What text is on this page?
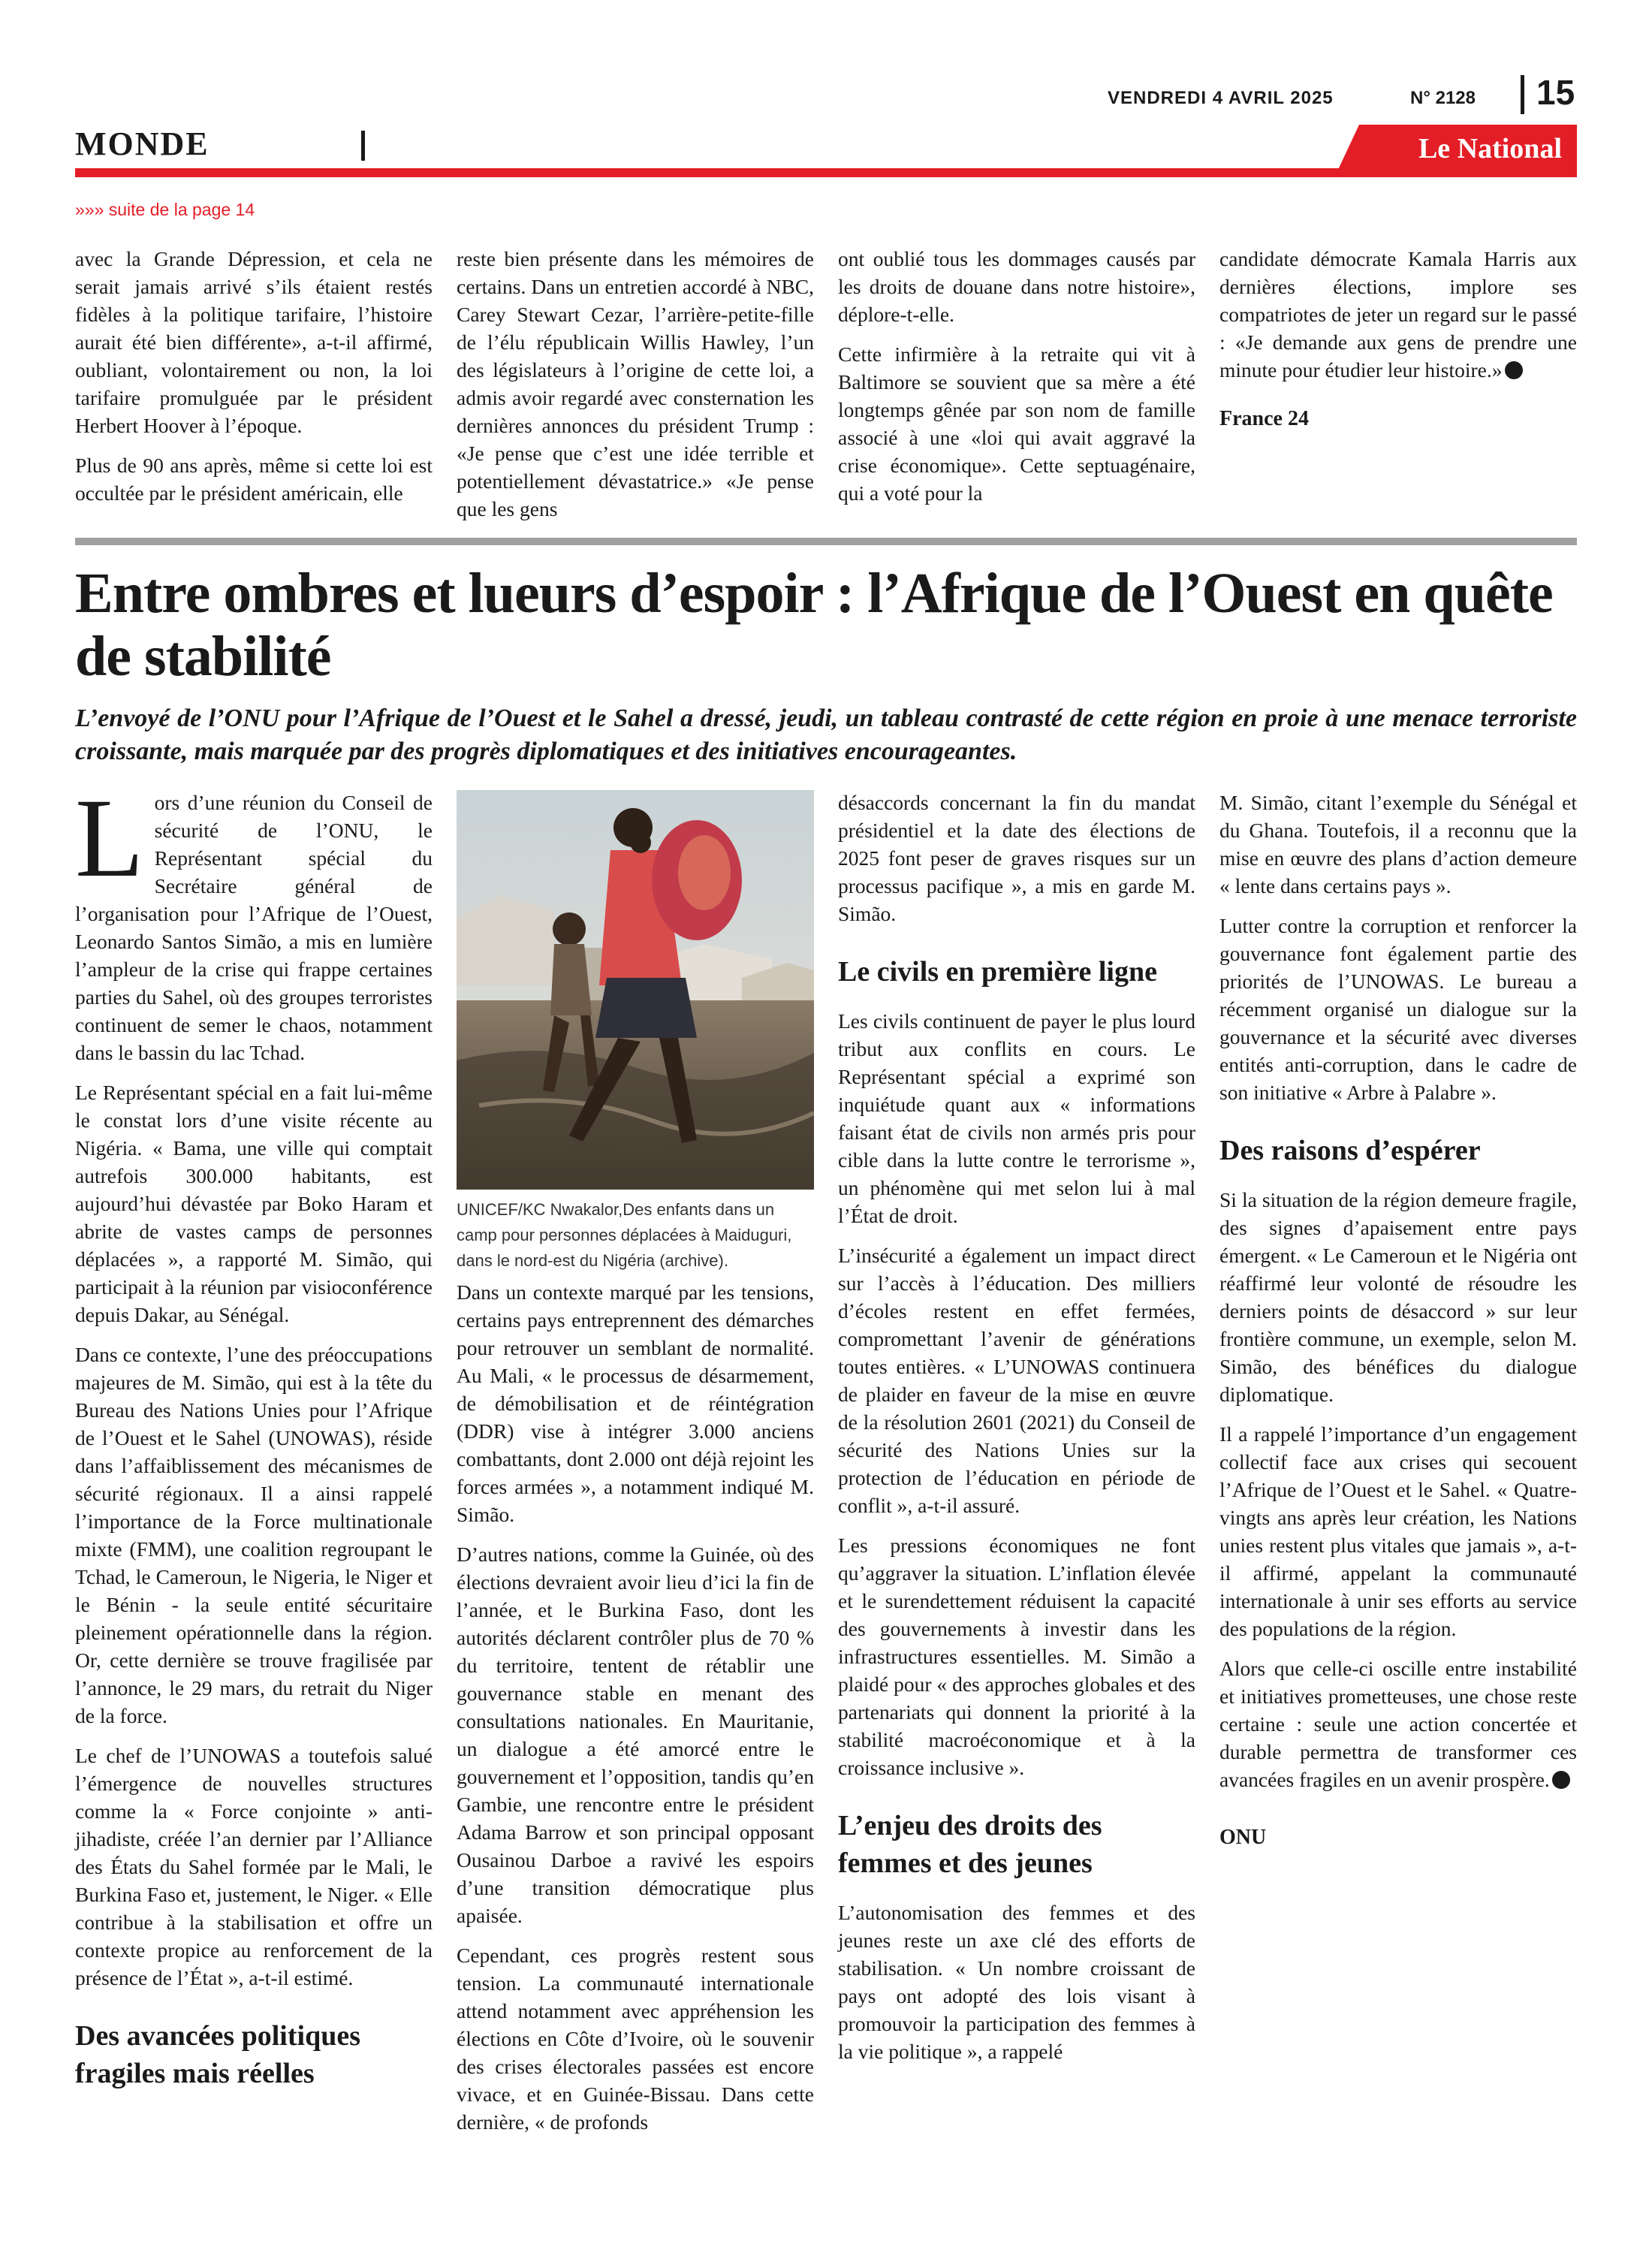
VENDREDI 4 AVRIL 2025	N° 2128 15
MONDE	Le National
»»» suite de la page 14

avec la Grande Dépression, et cela ne serait jamais arrivé s’ils étaient restés fidèles à la politique tarifaire, l’histoire aurait été bien différente», a-t-il affirmé, oubliant, volontairement ou non, la loi tarifaire promulguée par le président Herbert Hoover à l’époque.

Plus de 90 ans après, même si cette loi est occultée par le président américain, elle

reste bien présente dans les mémoires de certains. Dans un entretien accordé à NBC, Carey Stewart Cezar, l’arrière-petite-fille de l’élu républicain Willis Hawley, l’un des législateurs à l’origine de cette loi, a admis avoir regardé avec consternation les dernières annonces du président Trump : «Je pense que c’est une idée terrible et potentiellement dévastatrice.» «Je pense que les gens

ont oublié tous les dommages causés par les droits de douane dans notre histoire», déplore-t-elle.

Cette infirmière à la retraite qui vit à Baltimore se souvient que sa mère a été longtemps gênée par son nom de famille associé à une «loi qui avait aggravé la crise économique». Cette septuagénaire, qui a voté pour la

candidate démocrate Kamala Harris aux dernières élections, implore ses compatriotes de jeter un regard sur le passé : «Je demande aux gens de prendre une minute pour étudier leur histoire.»

France 24

Entre ombres et lueurs d’espoir : l’Afrique de l’Ouest en quête de stabilité
L’envoyé de l’ONU pour l’Afrique de l’Ouest et le Sahel a dressé, jeudi, un tableau contrasté de cette région en proie à une menace terroriste croissante, mais marquée par des progrès diplomatiques et des initiatives encourageantes.

Lors d’une réunion du Conseil de sécurité de l’ONU, le Représentant spécial du Secrétaire général de l’organisation pour l’Afrique de l’Ouest, Leonardo Santos Simão, a mis en lumière l’ampleur de la crise qui frappe certaines parties du Sahel, où des groupes terroristes continuent de semer le chaos, notamment dans le bassin du lac Tchad.

Le Représentant spécial en a fait lui-même le constat lors d’une visite récente au Nigéria. « Bama, une ville qui comptait autrefois 300.000 habitants, est aujourd’hui dévastée par Boko Haram et abrite de vastes camps de personnes déplacées », a rapporté M. Simão, qui participait à la réunion par visioconférence depuis Dakar, au Sénégal.

Dans ce contexte, l’une des préoccupations majeures de M. Simão, qui est à la tête du Bureau des Nations Unies pour l’Afrique de l’Ouest et le Sahel (UNOWAS), réside dans l’affaiblissement des mécanismes de sécurité régionaux. Il a ainsi rappelé l’importance de la Force multinationale mixte (FMM), une coalition regroupant le Tchad, le Cameroun, le Nigeria, le Niger et le Bénin - la seule entité sécuritaire pleinement opérationnelle dans la région. Or, cette dernière se trouve fragilisée par l’annonce, le 29 mars, du retrait du Niger de la force.

Le chef de l’UNOWAS a toutefois salué l’émergence de nouvelles structures comme la « Force conjointe » anti-jihadiste, créée l’an dernier par l’Alliance des États du Sahel formée par le Mali, le Burkina Faso et, justement, le Niger. « Elle contribue à la stabilisation et offre un contexte propice au renforcement de la présence de l’État », a-t-il estimé.

Des avancées politiques fragiles mais réelles

UNICEF/KC Nwakalor,Des enfants dans un camp pour personnes déplacées à Maiduguri, dans le nord-est du Nigéria (archive).

Dans un contexte marqué par les tensions, certains pays entreprennent des démarches pour retrouver un semblant de normalité. Au Mali, « le processus de désarmement, de démobilisation et de réintégration (DDR) vise à intégrer 3.000 anciens combattants, dont 2.000 ont déjà rejoint les forces armées », a notamment indiqué M. Simão.

D’autres nations, comme la Guinée, où des élections devraient avoir lieu d’ici la fin de l’année, et le Burkina Faso, dont les autorités déclarent contrôler plus de 70 % du territoire, tentent de rétablir une gouvernance stable en menant des consultations nationales. En Mauritanie, un dialogue a été amorcé entre le gouvernement et l’opposition, tandis qu’en Gambie, une rencontre entre le président Adama Barrow et son principal opposant Ousainou Darboe a ravivé les espoirs d’une transition démocratique plus apaisée.

Cependant, ces progrès restent sous tension. La communauté internationale attend notamment avec appréhension les élections en Côte d’Ivoire, où le souvenir des crises électorales passées est encore vivace, et en Guinée-Bissau. Dans cette dernière, « de profonds

désaccords concernant la fin du mandat présidentiel et la date des élections de 2025 font peser de graves risques sur un processus pacifique », a mis en garde M. Simão.

Le civils en première ligne

Les civils continuent de payer le plus lourd tribut aux conflits en cours. Le Représentant spécial a exprimé son inquiétude quant aux « informations faisant état de civils non armés pris pour cible dans la lutte contre le terrorisme », un phénomène qui met selon lui à mal l’État de droit.

L’insécurité a également un impact direct sur l’accès à l’éducation. Des milliers d’écoles restent en effet fermées, compromettant l’avenir de générations toutes entières. « L’UNOWAS continuera de plaider en faveur de la mise en œuvre de la résolution 2601 (2021) du Conseil de sécurité des Nations Unies sur la protection de l’éducation en période de conflit », a-t-il assuré.

Les pressions économiques ne font qu’aggraver la situation. L’inflation élevée et le surendettement réduisent la capacité des gouvernements à investir dans les infrastructures essentielles. M. Simão a plaidé pour « des approches globales et des partenariats qui donnent la priorité à la stabilité macroéconomique et à la croissance inclusive ».

L’enjeu des droits des femmes et des jeunes

L’autonomisation des femmes et des jeunes reste un axe clé des efforts de stabilisation. « Un nombre croissant de pays ont adopté des lois visant à promouvoir la participation des femmes à la vie politique », a rappelé

M. Simão, citant l’exemple du Sénégal et du Ghana. Toutefois, il a reconnu que la mise en œuvre des plans d’action demeure « lente dans certains pays ».

Lutter contre la corruption et renforcer la gouvernance font également partie des priorités de l’UNOWAS. Le bureau a récemment organisé un dialogue sur la gouvernance et la sécurité avec diverses entités anti-corruption, dans le cadre de son initiative « Arbre à Palabre ».

Des raisons d’espérer

Si la situation de la région demeure fragile, des signes d’apaisement entre pays émergent. « Le Cameroun et le Nigéria ont réaffirmé leur volonté de résoudre les derniers points de désaccord » sur leur frontière commune, un exemple, selon M. Simão, des bénéfices du dialogue diplomatique.

Il a rappelé l’importance d’un engagement collectif face aux crises qui secouent l’Afrique de l’Ouest et le Sahel. « Quatre-vingts ans après leur création, les Nations unies restent plus vitales que jamais », a-t-il affirmé, appelant la communauté internationale à unir ses efforts au service des populations de la région.

Alors que celle-ci oscille entre instabilité et initiatives prometteuses, une chose reste certaine : seule une action concertée et durable permettra de transformer ces avancées fragiles en un avenir prospère.

ONU
